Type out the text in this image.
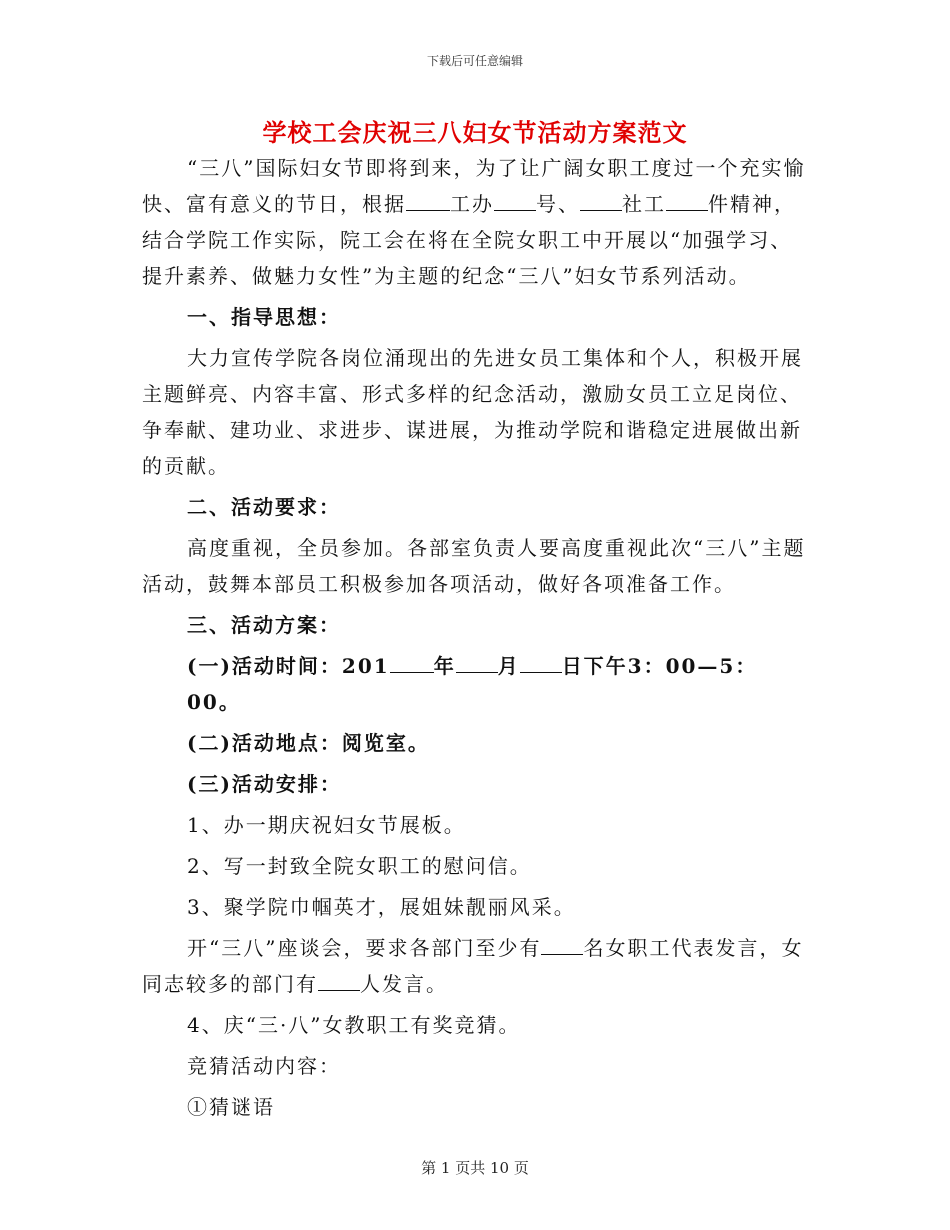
下载后可任意编辑
学校工会庆祝三八妇女节活动方案范文

“三八”国际妇女节即将到来，为了让广阔女职工度过一个充实愉快、富有意义的节日，根据 工办 号、 社工 件精神，结合学院工作实际，院工会在将在全院女职工中开展以“加强学习、提升素养、做魅力女性”为主题的纪念“三八”妇女节系列活动。

一、指导思想：

大力宣传学院各岗位涌现出的先进女员工集体和个人，积极开展主题鲜亮、内容丰富、形式多样的纪念活动，激励女员工立足岗位、争奉献、建功业、求进步、谋进展，为推动学院和谐稳定进展做出新的贡献。

二、活动要求：

高度重视，全员参加。各部室负责人要高度重视此次“三八”主题活动，鼓舞本部员工积极参加各项活动，做好各项准备工作。

三、活动方案：

(一)活动时间：201 年 月 日下午3：00—5：00。

(二)活动地点：阅览室。

(三)活动安排：

1、办一期庆祝妇女节展板。

2、写一封致全院女职工的慰问信。

3、聚学院巾帼英才，展姐妹靓丽风采。

开“三八”座谈会，要求各部门至少有 名女职工代表发言，女同志较多的部门有 人发言。

4、庆“三·八”女教职工有奖竞猜。

竞猜活动内容：

①猜谜语

第 1 页共 10 页
